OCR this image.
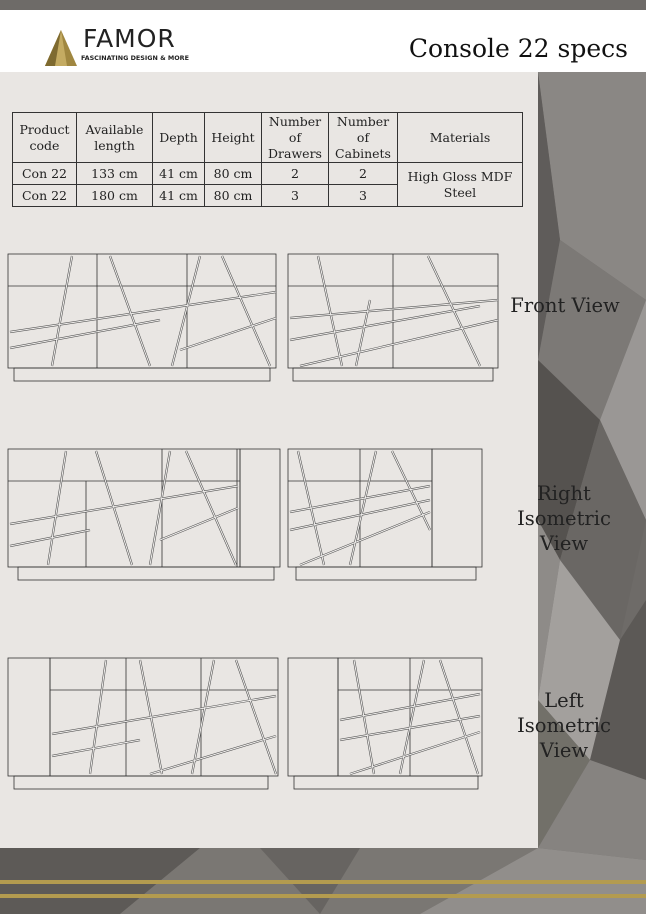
FAMOR
FASCINATING DESIGN & MORE	Console 22 specs
Product code	Available length	Depth	Height	Number of Drawers	Number of Cabinets	Materials
Con 22	133 cm	41 cm	80 cm	2	2	High Gloss MDF
Steel

Con 22	180 cm	41 cm	80 cm	3	3	
Front View
Right
Isometric View
Left
Isometric View
